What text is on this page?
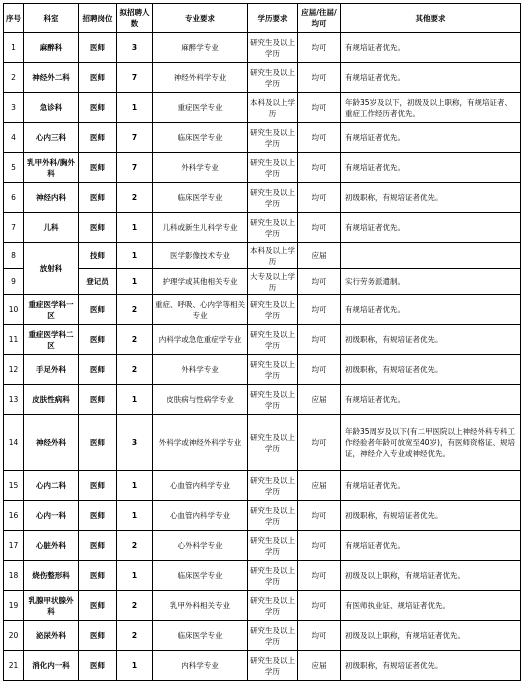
序号	科室	招聘岗位	拟招聘人数	专业要求	学历要求	应届/往届/均可	其他要求
1	麻醉科	医师	3	麻醉学专业	研究生及以上学历	均可	有规培证者优先。
2	神经外二科	医师	7	神经外科学专业	研究生及以上学历	均可	有规培证者优先。
3	急诊科	医师	1	重症医学专业	本科及以上学历	均可	年龄35岁及以下，初级及以上职称，有规培证者、重症工作经历者优先。
4	心内三科	医师	7	临床医学专业	研究生及以上学历	均可	有规培证者优先。
5	乳甲外科/胸外科	医师	7	外科学专业	研究生及以上学历	均可	有规培证者优先。
6	神经内科	医师	2	临床医学专业	研究生及以上学历	均可	初级职称，有规培证者优先。
7	儿科	医师	1	儿科或新生儿科学专业	研究生及以上学历	均可	有规培证者优先。
8	放射科	技师	1	医学影像技术专业	本科及以上学历	应届	
9		登记员	1	护理学或其他相关专业	大专及以上学历	均可	实行劳务派遣制。
10	重症医学科一区	医师	2	重症、呼吸、心内学等相关专业	研究生及以上学历	均可	有规培证者优先。
11	重症医学科二区	医师	2	内科学或急危重症学专业	研究生及以上学历	均可	初级职称，有规培证者优先。
12	手足外科	医师	2	外科学专业	研究生及以上学历	均可	初级职称，有规培证者优先。
13	皮肤性病科	医师	1	皮肤病与性病学专业	研究生及以上学历	应届	有规培证者优先。
14	神经外科	医师	3	外科学或神经外科学专业	研究生及以上学历	均可	年龄35周岁及以下(有二甲医院以上神经外科专科工作经验者年龄可放宽至40岁)，有医师资格证、规培证，神经介入专业或神经优先。
15	心内二科	医师	1	心血管内科学专业	研究生及以上学历	应届	有规培证者优先。
16	心内一科	医师	1	心血管内科学专业	研究生及以上学历	均可	初级职称，有规培证者优先。
17	心脏外科	医师	2	心外科学专业	研究生及以上学历	均可	有规培证者优先。
18	烧伤整形科	医师	1	临床医学专业	研究生及以上学历	均可	初级及以上职称，有规培证者优先。
19	乳腺甲状腺外科	医师	2	乳甲外科相关专业	研究生及以上学历	均可	有医师执业证、规培证者优先。
20	泌尿外科	医师	2	临床医学专业	研究生及以上学历	均可	初级及以上职称，有规培证者优先。
21	消化内一科	医师	1	内科学专业	研究生及以上学历	应届	初级职称，有规培证者优先。
